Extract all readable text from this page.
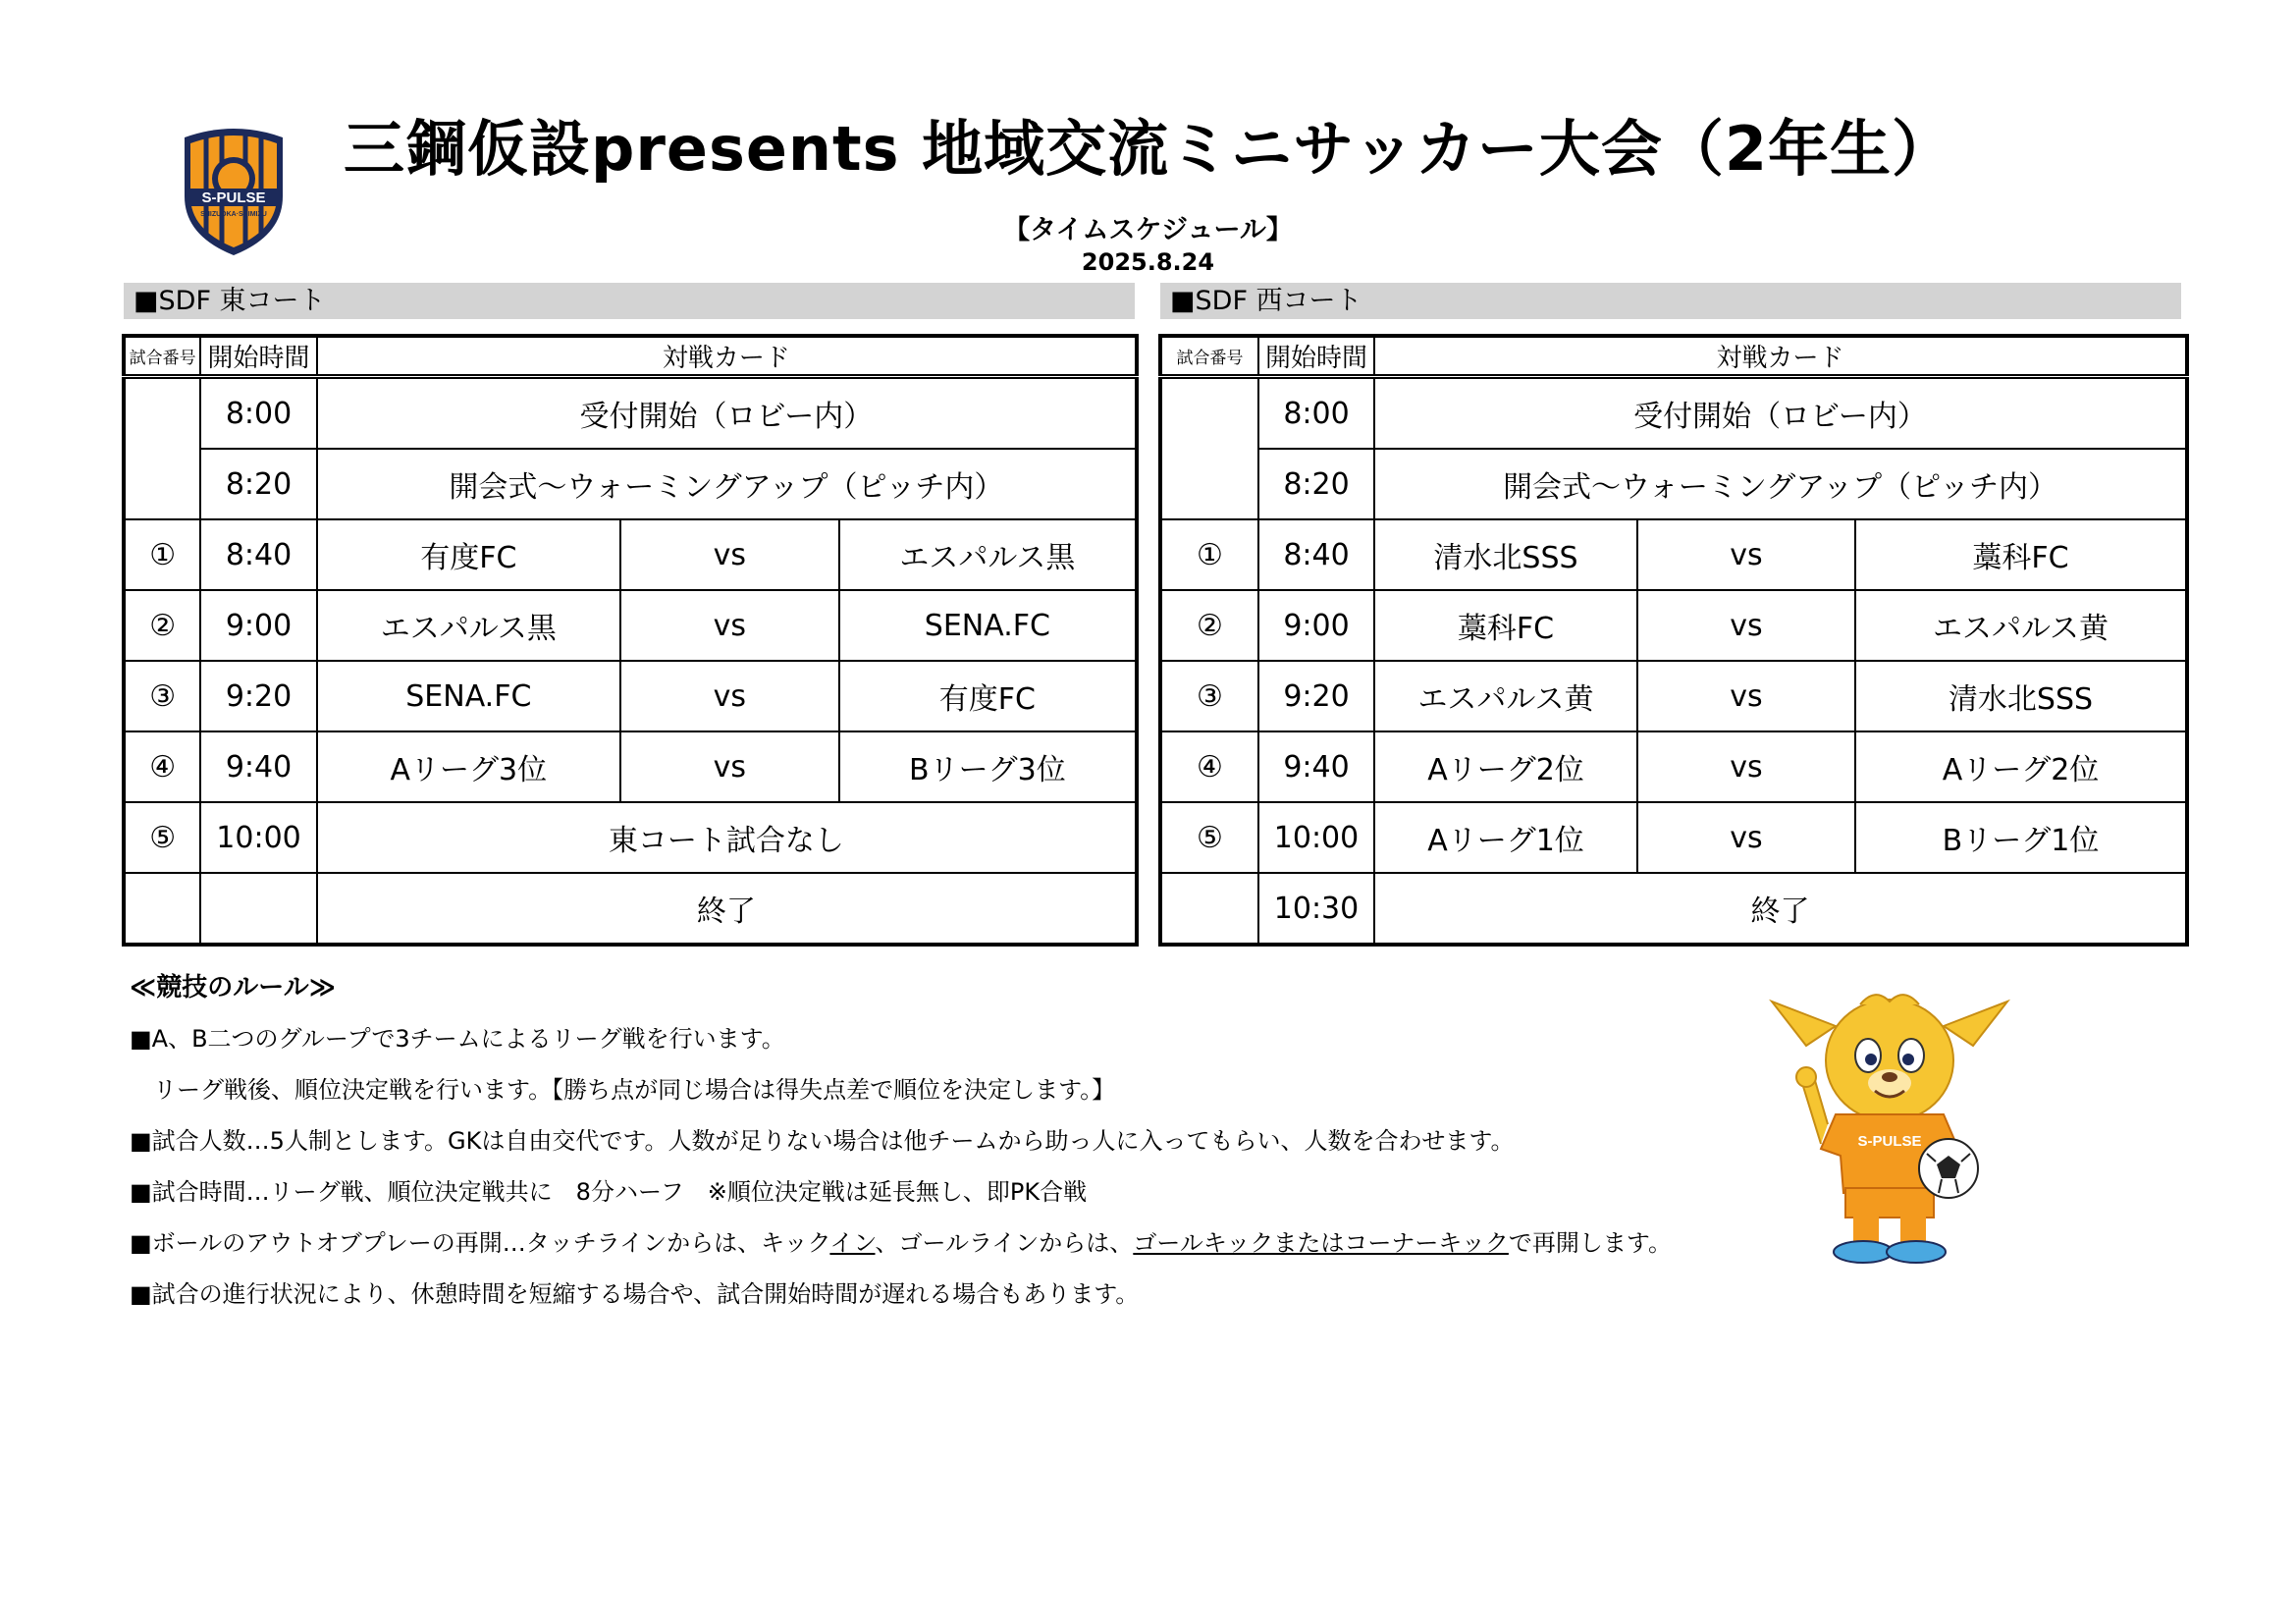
S-PULSE
SHIZUOKA·SHIMIZU
三鋼仮設presents 地域交流ミニサッカー大会（2年生）
【タイムスケジュール】
2025.8.24
■SDF 東コート	■SDF 西コート
試合番号	開始時間	対戦カード		
	8:00	受付開始（ロビー内）		
	8:20	開会式～ウォーミングアップ（ピッチ内）		
①	8:40	有度FC	vs	エスパルス黒
②	9:00	エスパルス黒	vs	SENA.FC
③	9:20	SENA.FC	vs	有度FC
④	9:40	Aリーグ3位	vs	Bリーグ3位
⑤	10:00	東コート試合なし		
		終了		
試合番号	開始時間	対戦カード		
	8:00	受付開始（ロビー内）		
	8:20	開会式～ウォーミングアップ（ピッチ内）		
①	8:40	清水北SSS	vs	藁科FC
②	9:00	藁科FC	vs	エスパルス黄
③	9:20	エスパルス黄	vs	清水北SSS
④	9:40	Aリーグ2位	vs	Aリーグ2位
⑤	10:00	Aリーグ1位	vs	Bリーグ1位
	10:30	終了		
≪競技のルール≫
■A、B二つのグループで3チームによるリーグ戦を行います。
　リーグ戦後、順位決定戦を行います。【勝ち点が同じ場合は得失点差で順位を決定します。】
■試合人数…5人制とします。GKは自由交代です。人数が足りない場合は他チームから助っ人に入ってもらい、人数を合わせます。
■試合時間…リーグ戦、順位決定戦共に　8分ハーフ　※順位決定戦は延長無し、即PK合戦
■ボールのアウトオブプレーの再開…タッチラインからは、キックイン、ゴールラインからは、ゴールキックまたはコーナーキックで再開します。
■試合の進行状況により、休憩時間を短縮する場合や、試合開始時間が遅れる場合もあります。
S-PULSE
